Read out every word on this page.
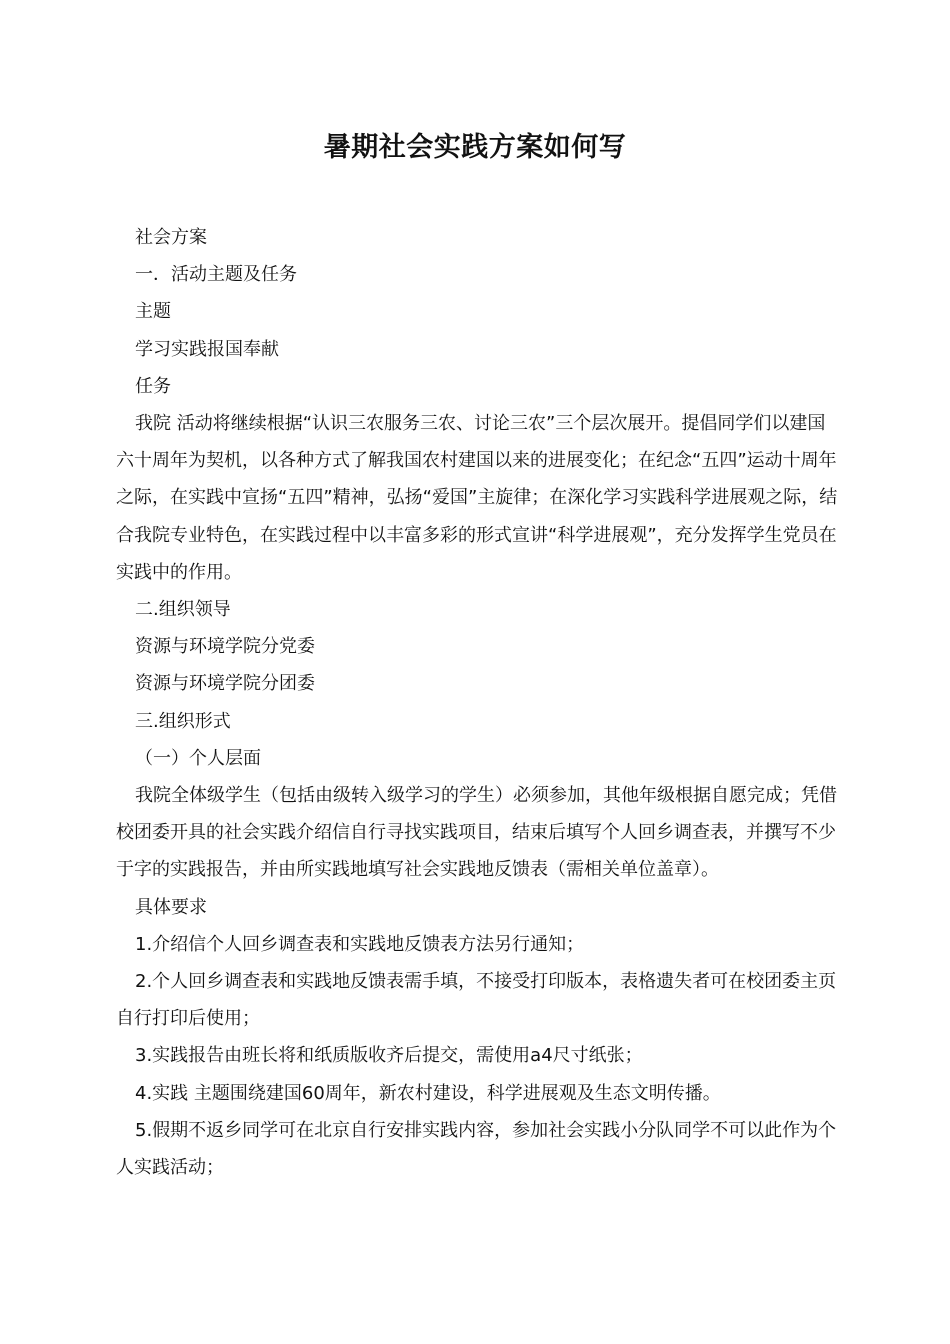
暑期社会实践方案如何写

社会方案

一．活动主题及任务

主题

学习实践报国奉献

任务

我院 活动将继续根据“认识三农服务三农、讨论三农”三个层次展开。提倡同学们以建国六十周年为契机，以各种方式了解我国农村建国以来的进展变化；在纪念“五四”运动十周年之际，在实践中宣扬“五四”精神，弘扬“爱国”主旋律；在深化学习实践科学进展观之际，结合我院专业特色，在实践过程中以丰富多彩的形式宣讲“科学进展观”，充分发挥学生党员在实践中的作用。

二.组织领导

资源与环境学院分党委

资源与环境学院分团委

三.组织形式

（一）个人层面

我院全体级学生（包括由级转入级学习的学生）必须参加，其他年级根据自愿完成；凭借校团委开具的社会实践介绍信自行寻找实践项目，结束后填写个人回乡调查表，并撰写不少于字的实践报告，并由所实践地填写社会实践地反馈表（需相关单位盖章）。

具体要求

1.介绍信个人回乡调查表和实践地反馈表方法另行通知；

2.个人回乡调查表和实践地反馈表需手填，不接受打印版本，表格遗失者可在校团委主页自行打印后使用；

3.实践报告由班长将和纸质版收齐后提交，需使用a4尺寸纸张；

4.实践 主题围绕建国60周年，新农村建设，科学进展观及生态文明传播。

5.假期不返乡同学可在北京自行安排实践内容，参加社会实践小分队同学不可以此作为个人实践活动；
